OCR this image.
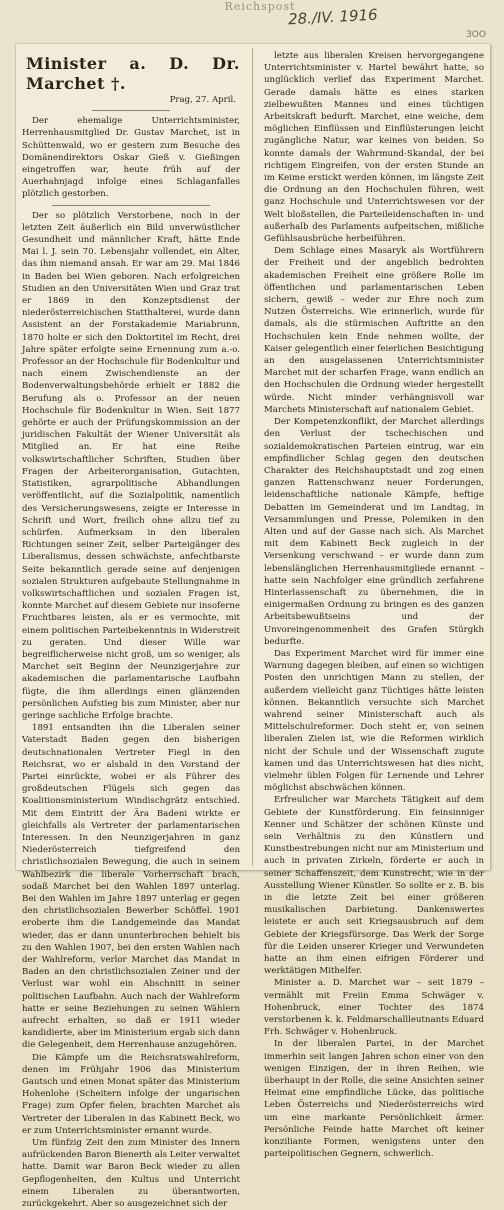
Reichspost
28./IV. 1916
ЗОО
Minister a. D. Dr. Marchet †.
Prag, 27. April.

Der ehemalige Unterrichtsminister, Herrenhausmitglied Dr. Gustav Marchet, ist in Schüttenwald, wo er gestern zum Besuche des Domänendirektors Oskar Gieß v. Gießingen eingetroffen war, heute früh auf der Auerhahnjagd infolge eines Schlaganfalles plötzlich gestorben.

Der so plötzlich Verstorbene, noch in der letzten Zeit äußerlich ein Bild unverwüstlicher Gesundheit und männlicher Kraft, hätte Ende Mai l. J. sein 70. Lebensjahr vollendet, ein Alter, das ihm niemand ansah. Er war am 29. Mai 1846 in Baden bei Wien geboren. Nach erfolgreichen Studien an den Universitäten Wien und Graz trat er 1869 in den Konzeptsdienst der niederösterreichischen Statthalterei, wurde dann Assistent an der Forstakademie Mariabrunn, 1870 holte er sich den Doktortitel im Recht, drei Jahre später erfolgte seine Ernennung zum a.-o. Professor an der Hochschule für Bodenkultur und nach einem Zwischendienste an der Bodenverwaltungsbehörde erhielt er 1882 die Berufung als o. Professor an der neuen Hochschule für Bodenkultur in Wien. Seit 1877 gehörte er auch der Prüfungskommission an der juridischen Fakultät der Wiener Universität als Mitglied an. Er hat eine Reihe volkswirtschaftlicher Schriften, Studien über Fragen der Arbeiterorganisation, Gutachten, Statistiken, agrarpolitische Abhandlungen veröffentlicht, auf die Sozialpolitik, namentlich des Versicherungswesens, zeigte er Interesse in Schrift und Wort, freilich ohne allzu tief zu schürfen. Aufmerksam in den liberalen Richtungen seiner Zeit, selber Parteigänger des Liberalismus, dessen schwächste, anfechtbarste Seite bekanntlich gerade seine auf denjenigen sozialen Strukturen aufgebaute Stellungnahme in volkswirtschaftlichen und sozialen Fragen ist, konnte Marchet auf diesem Gebiete nur insoferne Fruchtbares leisten, als er es vermochte, mit einem politischen Parteibekenntnis in Widerstreit zu geraten. Und dieser Wille war begreiflicherweise nicht groß, um so weniger, als Marchet seit Beginn der Neunzigerjahre zur akademischen die parlamentarische Laufbahn fügte, die ihm allerdings einen glänzenden persönlichen Aufstieg bis zum Minister, aber nur geringe sachliche Erfolge brachte.

1891 entsandten ihn die Liberalen seiner Vaterstadt Baden gegen den bisherigen deutschnationalen Vertreter Fiegl in den Reichsrat, wo er alsbald in den Vorstand der Partei einrückte, wobei er als Führer des großdeutschen Flügels sich gegen das Koalitionsministerium Windischgrätz entschied. Mit dem Eintritt der Ära Badeni wirkte er gleichfalls als Vertreter der parlamentarischen Interessen. In den Neunzigerjahren in ganz Niederösterreich tiefgreifend den christlichsozialen Bewegung, die auch in seinem Wahlbezirk die liberale Vorherrschaft brach, sodaß Marchet bei den Wahlen 1897 unterlag. Bei den Wahlen im Jahre 1897 unterlag er gegen den christlichsozialen Bewerber Schöffel. 1901 eroberte ihm die Landgemeinde das Mandat wieder, das er dann ununterbrochen behielt bis zu den Wahlen 1907, bei den ersten Wahlen nach der Wahlreform, verlor Marchet das Mandat in Baden an den christlichsozialen Zeiner und der Verlust war wohl ein Abschnitt in seiner politischen Laufbahn. Auch nach der Wahlreform hatte er seine Beziehungen zu seinen Wählern aufrecht erhalten, so daß er 1911 wieder kandidierte, aber im Ministerium ergab sich dann die Gelegenheit, dem Herrenhause anzugehören.

Die Kämpfe um die Reichsratswahlreform, denen im Frühjahr 1906 das Ministerium Gautsch und einen Monat später das Ministerium Hohenlohe (Scheitern infolge der ungarischen Frage) zum Opfer fielen, brachten Marchet als Vertreter der Liberalen in das Kabinett Beck, wo er zum Unterrichtsminister ernannt wurde.

Um fünfzig Zeit den zum Minister des Innern aufrückenden Baron Bienerth als Leiter verwaltet hatte. Damit war Baron Beck wieder zu allen Gepflogenheiten, den Kultus und Unterricht einem Liberalen zu überantworten, zurückgekehrt. Aber so ausgezeichnet sich der

letzte aus liberalen Kreisen hervorgegangene Unterrichtsminister v. Hartel bewährt hatte, so unglücklich verlief das Experiment Marchet. Gerade damals hätte es eines starken zielbewußten Mannes und eines tüchtigen Arbeitskraft bedurft. Marchet, eine weiche, dem möglichen Einflüssen und Einflüsterungen leicht zugängliche Natur, war keines von beiden. So konnte damals der Wahrmund-Skandal, der bei richtigem Eingreifen, von der ersten Stunde an im Keime erstickt werden können, im längste Zeit die Ordnung an den Hochschulen führen, weit ganz Hochschule und Unterrichtswesen vor der Welt bloßstellen, die Parteileidenschaften in- und außerhalb des Parlaments aufpeitschen, mißliche Gefühlsausbrüche herbeiführen.

Dem Schlage eines Masaryk als Wortführern der Freiheit und der angeblich bedrohten akademischen Freiheit eine größere Rolle im öffentlichen und parlamentarischen Leben sichern, gewiß – weder zur Ehre noch zum Nutzen Österreichs. Wie erinnerlich, wurde für damals, als die stürmischen Auftritte an den Hochschulen kein Ende nehmen wollte, der Kaiser gelegentlich einer feierlichen Besichtigung an den ausgelassenen Unterrichtsminister Marchet mit der scharfen Frage, wann endlich an den Hochschulen die Ordnung wieder hergestellt würde. Nicht minder verhängnisvoll war Marchets Ministerschaft auf nationalem Gebiet.

Der Kompetenzkonflikt, der Marchet allerdings den Verlust der tschechischen und sozialdemokratischen Parteien eintrug, war ein empfindlicher Schlag gegen den deutschen Charakter des Reichshauptstadt und zog einen ganzen Rattenschwanz neuer Forderungen, leidenschaftliche nationale Kämpfe, heftige Debatten im Gemeinderat und im Landtag, in Versammlungen und Presse, Polemiken in den Alten und auf der Gasse nach sich. Als Marchet mit dem Kabinett Beck zugleich in der Versenkung verschwand – er wurde dann zum lebenslänglichen Herrenhausmitgliede ernannt – hatte sein Nachfolger eine gründlich zerfahrene Hinterlassenschaft zu übernehmen, die in einigermaßen Ordnung zu bringen es des ganzen Arbeitsbewußtseins und der Unvoreingenommenheit des Grafen Stürgkh bedurfte.

Das Experiment Marchet wird für immer eine Warnung dagegen bleiben, auf einen so wichtigen Posten den unrichtigen Mann zu stellen, der außerdem vielleicht ganz Tüchtiges hätte leisten können. Bekanntlich versuchte sich Marchet wahrend seiner Ministerschaft auch als Mittelschulreformer. Doch steht er, von seinen liberalen Zielen ist, wie die Reformen wirklich nicht der Schule und der Wissenschaft zugute kamen und das Unterrichtswesen hat dies nicht, vielmehr üblen Folgen für Lernende und Lehrer möglichst abschwächen können.

Erfreulicher war Marchets Tätigkeit auf dem Gebiete der Kunstförderung. Ein feinsinniger Kenner und Schätzer der schönen Künste und sein Verhältnis zu den Künstlern und Kunstbestrebungen nicht nur am Ministerium und auch in privaten Zirkeln, förderte er auch in seiner Schaffenszeit, dem Kunstrecht, wie in der Ausstellung Wiener Künstler. So sollte er z. B. bis in die letzte Zeit bei einer größeren musikalischen Darbietung. Dankenswertes leistete er auch seit Kriegsausbruch auf dem Gebiete der Kriegsfürsorge. Das Werk der Sorge für die Leiden unserer Krieger und Verwundeten hatte an ihm einen eifrigen Förderer und werktätigen Mithelfer.

Minister a. D. Marchet war – seit 1879 – vermählt mit Freiin Emma Schwäger v. Hohenbruck, einer Tochter des 1874 verstorbenen k. k. Feldmarschallleutnants Eduard Frh. Schwäger v. Hohenbruck.

In der liberalen Partei, in der Marchet immerhin seit langen Jahren schon einer von den wenigen Einzigen, der in ihren Reihen, wie überhaupt in der Rolle, die seine Ansichten seiner Heimat eine empfindliche Lücke, das politische Leben Österreichs und Niederösterreichs wird um eine markante Persönlichkeit ärmer. Persönliche Feinde hatte Marchet oft keiner konziliante Formen, wenigstens unter den parteipolitischen Gegnern, schwerlich.
